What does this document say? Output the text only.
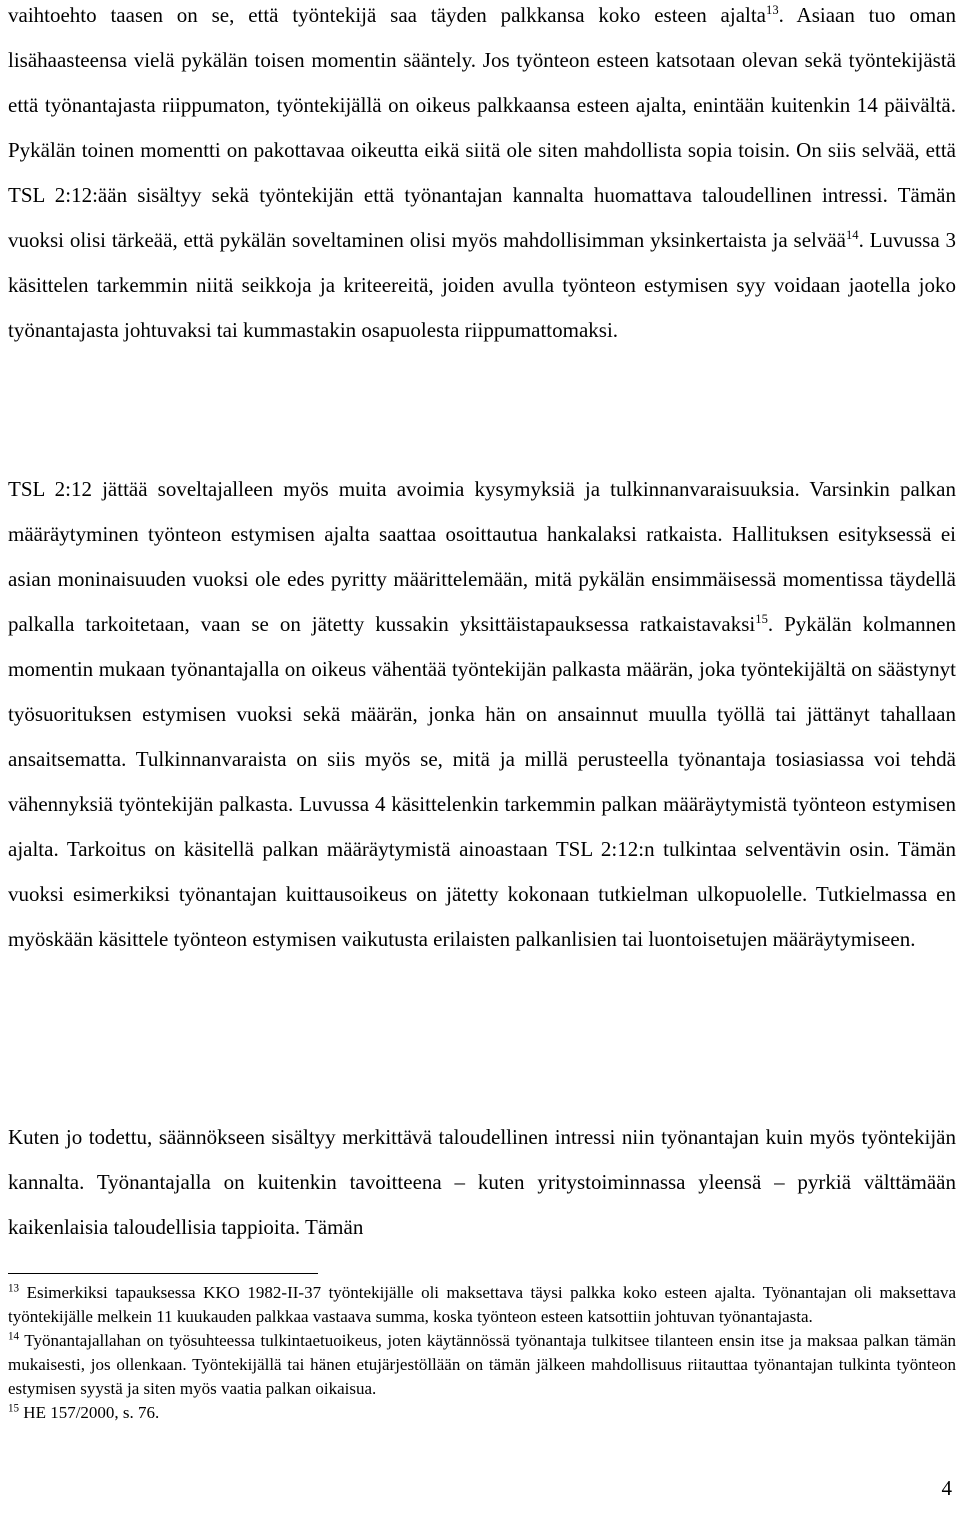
vaihtoehto taasen on se, että työntekijä saa täyden palkkansa koko esteen ajalta$^{13}$. Asiaan tuo oman lisähaasteensa vielä pykälän toisen momentin sääntely. Jos työnteon esteen katsotaan olevan sekä työntekijästä että työnantajasta riippumaton, työntekijällä on oikeus palkkaansa esteen ajalta, enintään kuitenkin 14 päivältä. Pykälän toinen momentti on pakottavaa oikeutta eikä siitä ole siten mahdollista sopia toisin. On siis selvää, että TSL 2:12:ään sisältyy sekä työntekijän että työnantajan kannalta huomattava taloudellinen intressi. Tämän vuoksi olisi tärkeää, että pykälän soveltaminen olisi myös mahdollisimman yksinkertaista ja selvää$^{14}$. Luvussa 3 käsittelen tarkemmin niitä seikkoja ja kriteereitä, joiden avulla työnteon estymisen syy voidaan jaotella joko työnantajasta johtuvaksi tai kummastakin osapuolesta riippumattomaksi.

TSL 2:12 jättää soveltajalleen myös muita avoimia kysymyksiä ja tulkinnanvaraisuuksia. Varsinkin palkan määräytyminen työnteon estymisen ajalta saattaa osoittautua hankalaksi ratkaista. Hallituksen esityksessä ei asian moninaisuuden vuoksi ole edes pyritty määrittelemään, mitä pykälän ensimmäisessä momentissa täydellä palkalla tarkoitetaan, vaan se on jätetty kussakin yksittäistapauksessa ratkaistavaksi$^{15}$. Pykälän kolmannen momentin mukaan työnantajalla on oikeus vähentää työntekijän palkasta määrän, joka työntekijältä on säästynyt työsuorituksen estymisen vuoksi sekä määrän, jonka hän on ansainnut muulla työllä tai jättänyt tahallaan ansaitsematta. Tulkinnanvaraista on siis myös se, mitä ja millä perusteella työnantaja tosiasiassa voi tehdä vähennyksiä työntekijän palkasta. Luvussa 4 käsittelenkin tarkemmin palkan määräytymistä työnteon estymisen ajalta. Tarkoitus on käsitellä palkan määräytymistä ainoastaan TSL 2:12:n tulkintaa selventävin osin. Tämän vuoksi esimerkiksi työnantajan kuittausoikeus on jätetty kokonaan tutkielman ulkopuolelle. Tutkielmassa en myöskään käsittele työnteon estymisen vaikutusta erilaisten palkanlisien tai luontoisetujen määräytymiseen.

Kuten jo todettu, säännökseen sisältyy merkittävä taloudellinen intressi niin työnantajan kuin myös työntekijän kannalta. Työnantajalla on kuitenkin tavoitteena – kuten yritystoiminnassa yleensä – pyrkiä välttämään kaikenlaisia taloudellisia tappioita. Tämän

$^{13}$ Esimerkiksi tapauksessa KKO 1982-II-37 työntekijälle oli maksettava täysi palkka koko esteen ajalta. Työnantajan oli maksettava työntekijälle melkein 11 kuukauden palkkaa vastaava summa, koska työnteon esteen katsottiin johtuvan työnantajasta.

$^{14}$ Työnantajallahan on työsuhteessa tulkintaetuoikeus, joten käytännössä työnantaja tulkitsee tilanteen ensin itse ja maksaa palkan tämän mukaisesti, jos ollenkaan. Työntekijällä tai hänen etujärjestöllään on tämän jälkeen mahdollisuus riitauttaa työnantajan tulkinta työnteon estymisen syystä ja siten myös vaatia palkan oikaisua.

$^{15}$ HE 157/2000, s. 76.

4
